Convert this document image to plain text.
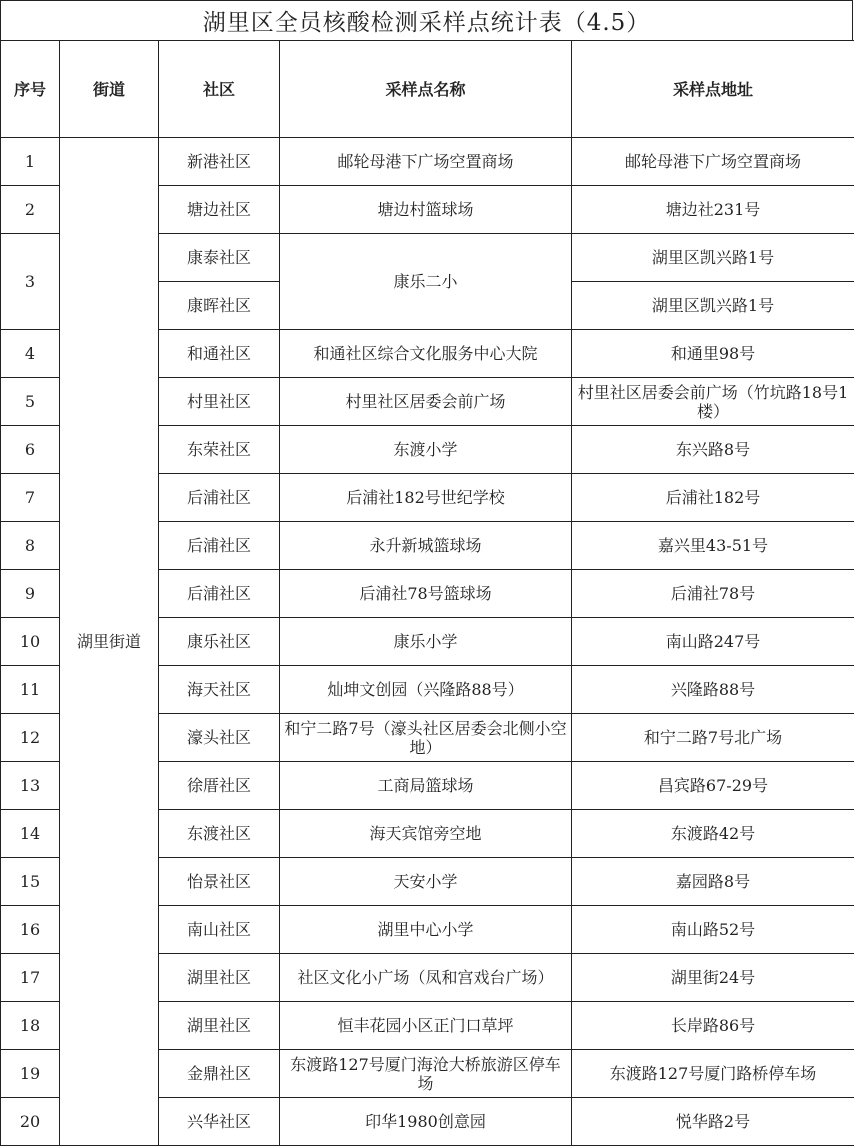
湖里区全员核酸检测采样点统计表（4.5）
序号	街道	社区	采样点名称	采样点地址
1	湖里街道	新港社区	邮轮母港下广场空置商场	邮轮母港下广场空置商场
2		塘边社区	塘边村篮球场	塘边社231号
3		康泰社区	康乐二小	湖里区凯兴路1号
		康晖社区		湖里区凯兴路1号
4		和通社区	和通社区综合文化服务中心大院	和通里98号
5		村里社区	村里社区居委会前广场	村里社区居委会前广场（竹坑路18号1楼）
6		东荣社区	东渡小学	东兴路8号
7		后浦社区	后浦社182号世纪学校	后浦社182号
8		后浦社区	永升新城篮球场	嘉兴里43-51号
9		后浦社区	后浦社78号篮球场	后浦社78号
10		康乐社区	康乐小学	南山路247号
11		海天社区	灿坤文创园（兴隆路88号）	兴隆路88号
12		濠头社区	和宁二路7号（濠头社区居委会北侧小空地）	和宁二路7号北广场
13		徐厝社区	工商局篮球场	昌宾路67-29号
14		东渡社区	海天宾馆旁空地	东渡路42号
15		怡景社区	天安小学	嘉园路8号
16		南山社区	湖里中心小学	南山路52号
17		湖里社区	社区文化小广场（凤和宫戏台广场）	湖里街24号
18		湖里社区	恒丰花园小区正门口草坪	长岸路86号
19		金鼎社区	东渡路127号厦门海沧大桥旅游区停车场	东渡路127号厦门路桥停车场
20		兴华社区	印华1980创意园	悦华路2号
